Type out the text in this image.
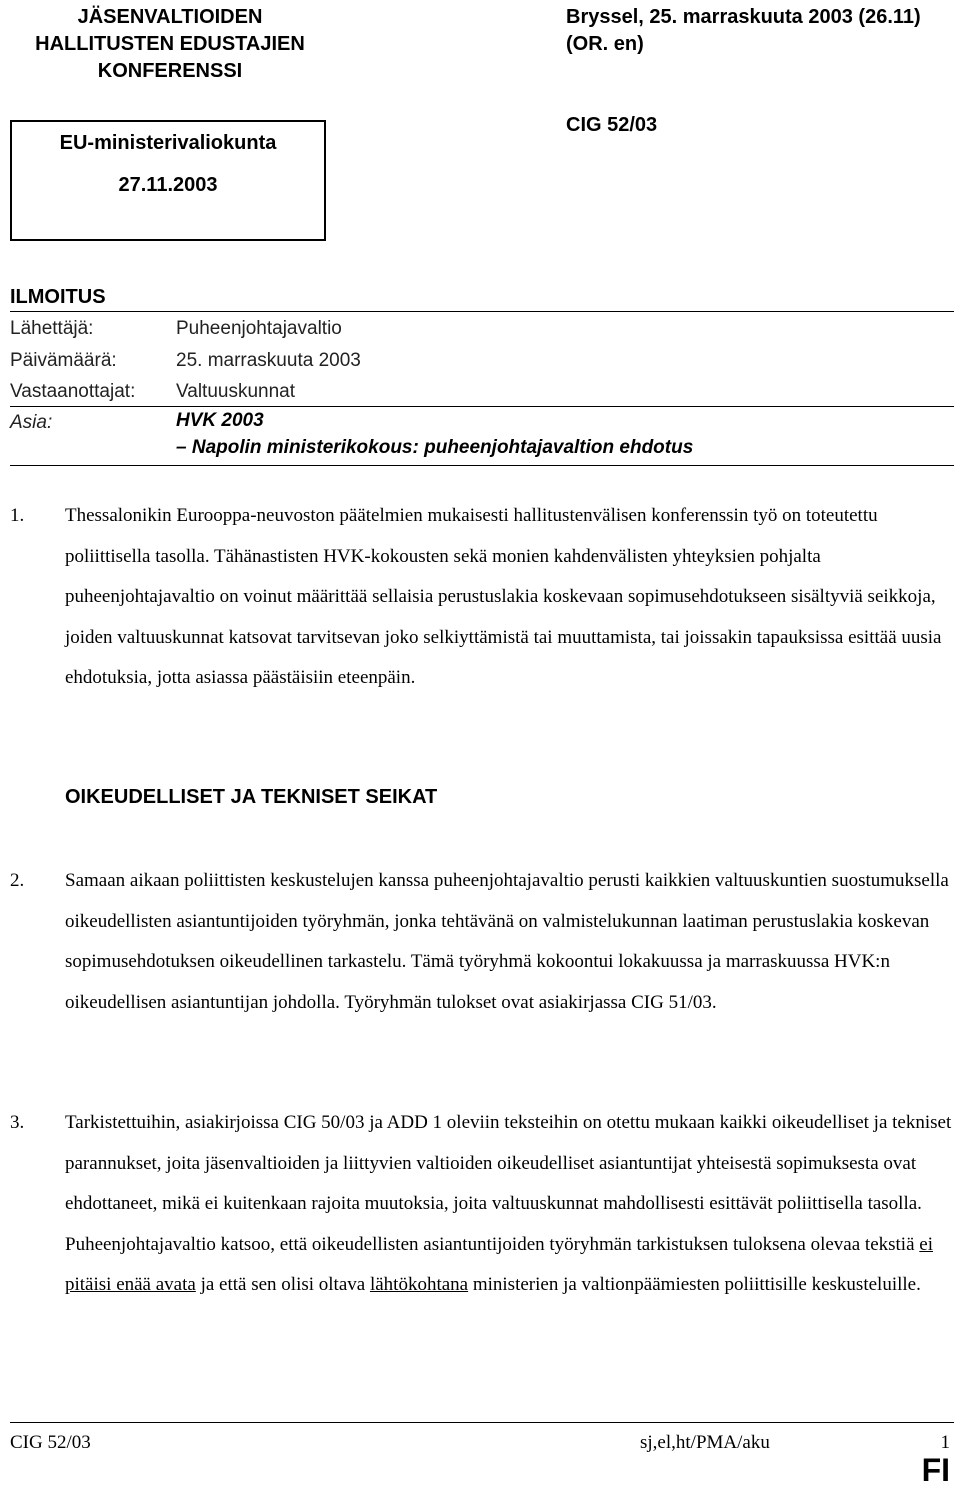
JÄSENVALTIOIDEN
HALLITUSTEN EDUSTAJIEN
KONFERENSSI
Bryssel, 25. marraskuuta 2003 (26.11)
(OR. en)
CIG 52/03
EU-ministerivaliokunta
27.11.2003
ILMOITUS
Lähettäjä:	Puheenjohtajavaltio
Päivämäärä:	25. marraskuuta 2003
Vastaanottajat: Valtuuskunnat
Asia:	HVK 2003
– Napolin ministerikokous: puheenjohtajavaltion ehdotus
1. Thessalonikin Eurooppa-neuvoston päätelmien mukaisesti hallitustenvälisen konferenssin työ on toteutettu poliittisella tasolla. Tähänastisten HVK-kokousten sekä monien kahdenvälisten yhteyksien pohjalta puheenjohtajavaltio on voinut määrittää sellaisia perustuslakia koskevaan sopimusehdotukseen sisältyviä seikkoja, joiden valtuuskunnat katsovat tarvitsevan joko selkiyttämistä tai muuttamista, tai joissakin tapauksissa esittää uusia ehdotuksia, jotta asiassa päästäisiin eteenpäin.
OIKEUDELLISET JA TEKNISET SEIKAT
2. Samaan aikaan poliittisten keskustelujen kanssa puheenjohtajavaltio perusti kaikkien valtuuskuntien suostumuksella oikeudellisten asiantuntijoiden työryhmän, jonka tehtävänä on valmistelukunnan laatiman perustuslakia koskevan sopimusehdotuksen oikeudellinen tarkastelu. Tämä työryhmä kokoontui lokakuussa ja marraskuussa HVK:n oikeudellisen asiantuntijan johdolla. Työryhmän tulokset ovat asiakirjassa CIG 51/03.
3. Tarkistettuihin, asiakirjoissa CIG 50/03 ja ADD 1 oleviin teksteihin on otettu mukaan kaikki oikeudelliset ja tekniset parannukset, joita jäsenvaltioiden ja liittyvien valtioiden oikeudelliset asiantuntijat yhteisestä sopimuksesta ovat ehdottaneet, mikä ei kuitenkaan rajoita muutoksia, joita valtuuskunnat mahdollisesti esittävät poliittisella tasolla. Puheenjohtajavaltio katsoo, että oikeudellisten asiantuntijoiden työryhmän tarkistuksen tuloksena olevaa tekstiä ei pitäisi enää avata ja että sen olisi oltava lähtökohtana ministerien ja valtionpäämiesten poliittisille keskusteluille.
CIG 52/03	sj,el,ht/PMA/aku	1
FI
